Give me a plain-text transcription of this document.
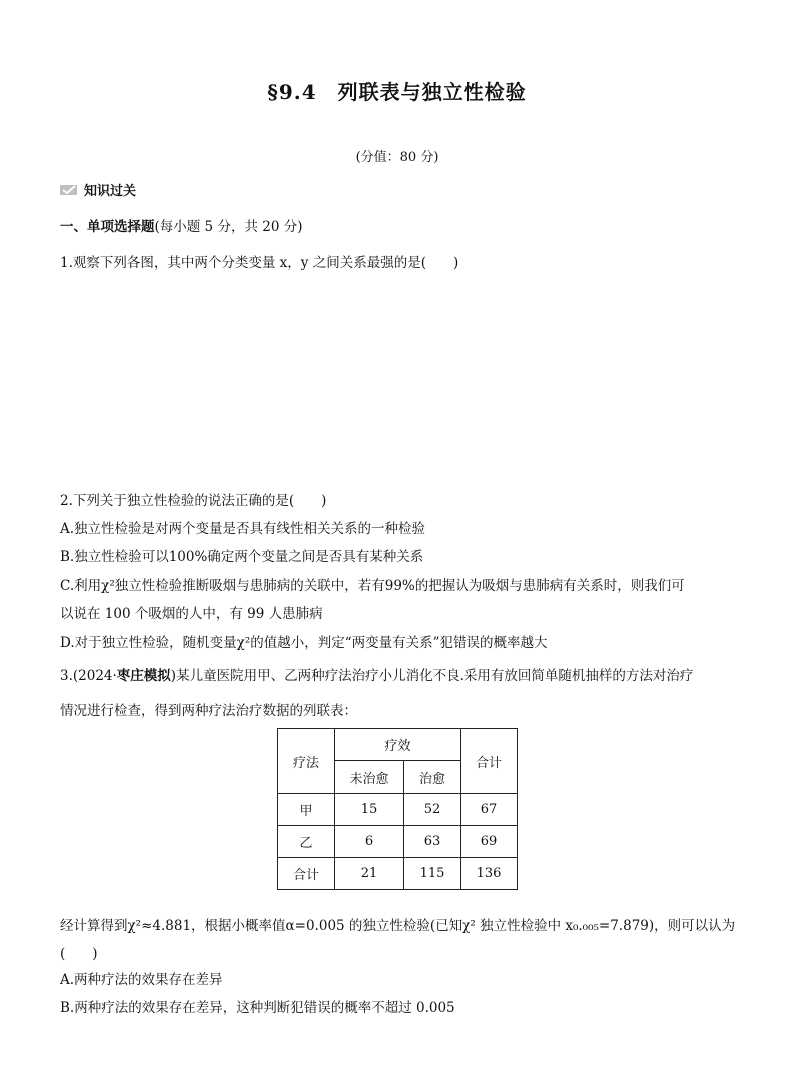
§9.4　列联表与独立性检验
(分值：80 分)
知识过关
一、单项选择题(每小题 5 分，共 20 分)
1.观察下列各图，其中两个分类变量 x，y 之间关系最强的是(　　)
2.下列关于独立性检验的说法正确的是(　　)
A.独立性检验是对两个变量是否具有线性相关关系的一种检验
B.独立性检验可以100%确定两个变量之间是否具有某种关系
C.利用χ²独立性检验推断吸烟与患肺病的关联中，若有99%的把握认为吸烟与患肺病有关系时，则我们可
以说在 100 个吸烟的人中，有 99 人患肺病
D.对于独立性检验，随机变量χ²的值越小，判定“两变量有关系”犯错误的概率越大
3.(2024·枣庄模拟)某儿童医院用甲、乙两种疗法治疗小儿消化不良.采用有放回简单随机抽样的方法对治疗
情况进行检查，得到两种疗法治疗数据的列联表：
疗法	疗效		合计
	未治愈	治愈	
甲	15	52	67
乙	6	63	69
合计	21	115	136
经计算得到χ²≈4.881，根据小概率值α=0.005 的独立性检验(已知χ² 独立性检验中 x₀.₀₀₅=7.879)，则可以认为
(　　)
A.两种疗法的效果存在差异
B.两种疗法的效果存在差异，这种判断犯错误的概率不超过 0.005
